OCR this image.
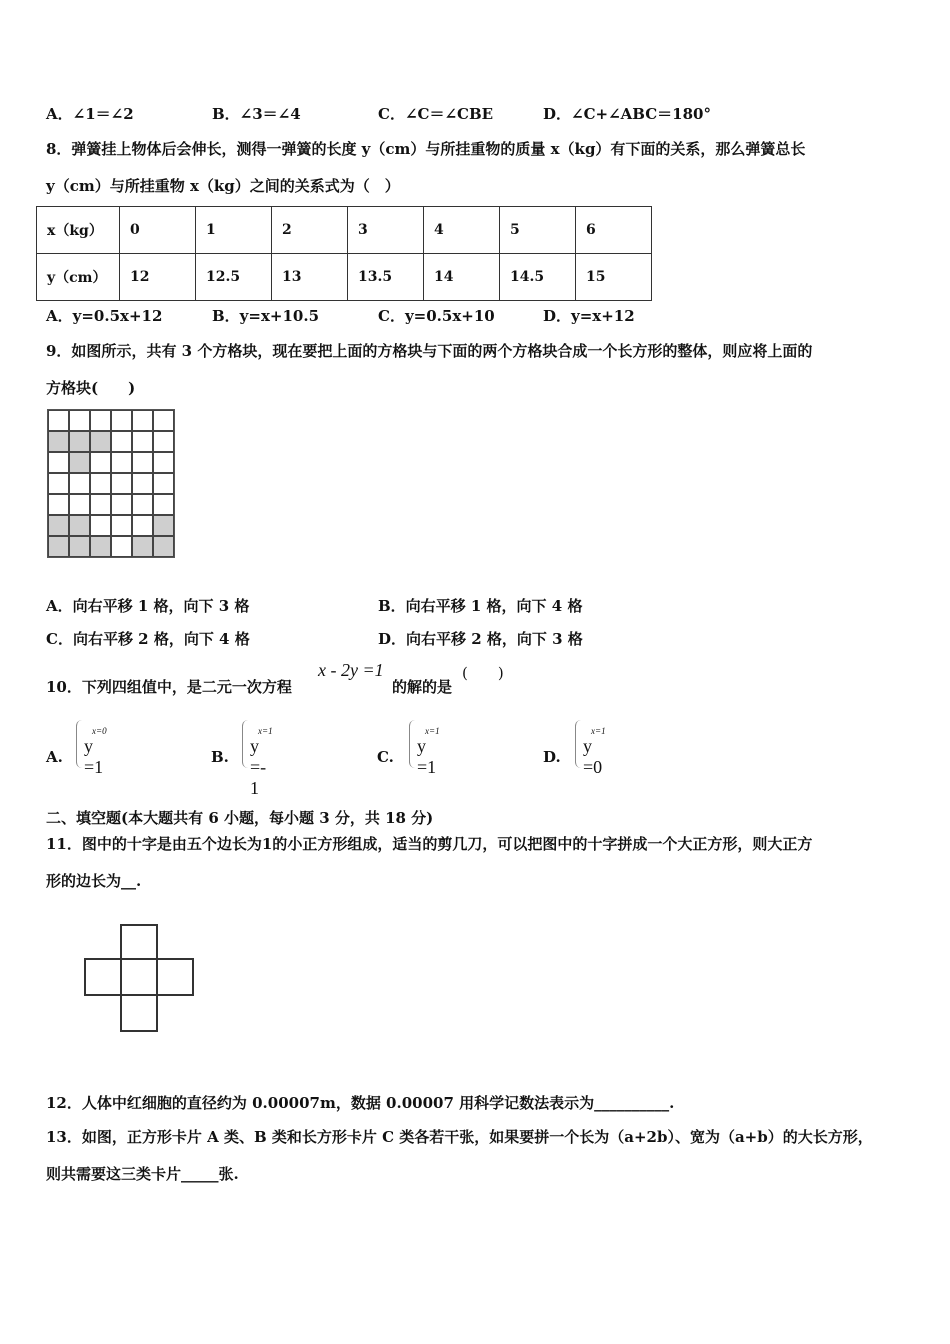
A．∠1＝∠2	B．∠3＝∠4	C．∠C＝∠CBE	D．∠C+∠ABC＝180°
8．弹簧挂上物体后会伸长，测得一弹簧的长度 y（cm）与所挂重物的质量 x（kg）有下面的关系，那么弹簧总长
y（cm）与所挂重物 x（kg）之间的关系式为（　）
x（kg）	0	1	2	3	4	5	6
y（cm）	12	12.5	13	13.5	14	14.5	15
A．y=0.5x+12	B．y=x+10.5	C．y=0.5x+10	D．y=x+12
9．如图所示，共有 3 个方格块，现在要把上面的方格块与下面的两个方格块合成一个长方形的整体，则应将上面的
方格块(　　)
A．向右平移 1 格，向下 3 格	B．向右平移 1 格，向下 4 格
C．向右平移 2 格，向下 4 格	D．向右平移 2 格，向下 3 格
10．下列四组值中，是二元一次方程
x - 2y =1
的解的是
(　　)
A.
x=0
y =1	B.
x=1
y =- 1
C.
x=1
y =1	D.
x=1
y =0
二、填空题(本大题共有 6 小题，每小题 3 分，共 18 分)
11．图中的十字是由五个边长为1的小正方形组成，适当的剪几刀，可以把图中的十字拼成一个大正方形，则大正方
形的边长为__.
12．人体中红细胞的直径约为 0.00007m，数据 0.00007 用科学记数法表示为__________.
13．如图，正方形卡片 A 类、B 类和长方形卡片 C 类各若干张，如果要拼一个长为（a+2b）、宽为（a+b）的大长方形，
则共需要这三类卡片_____张.
